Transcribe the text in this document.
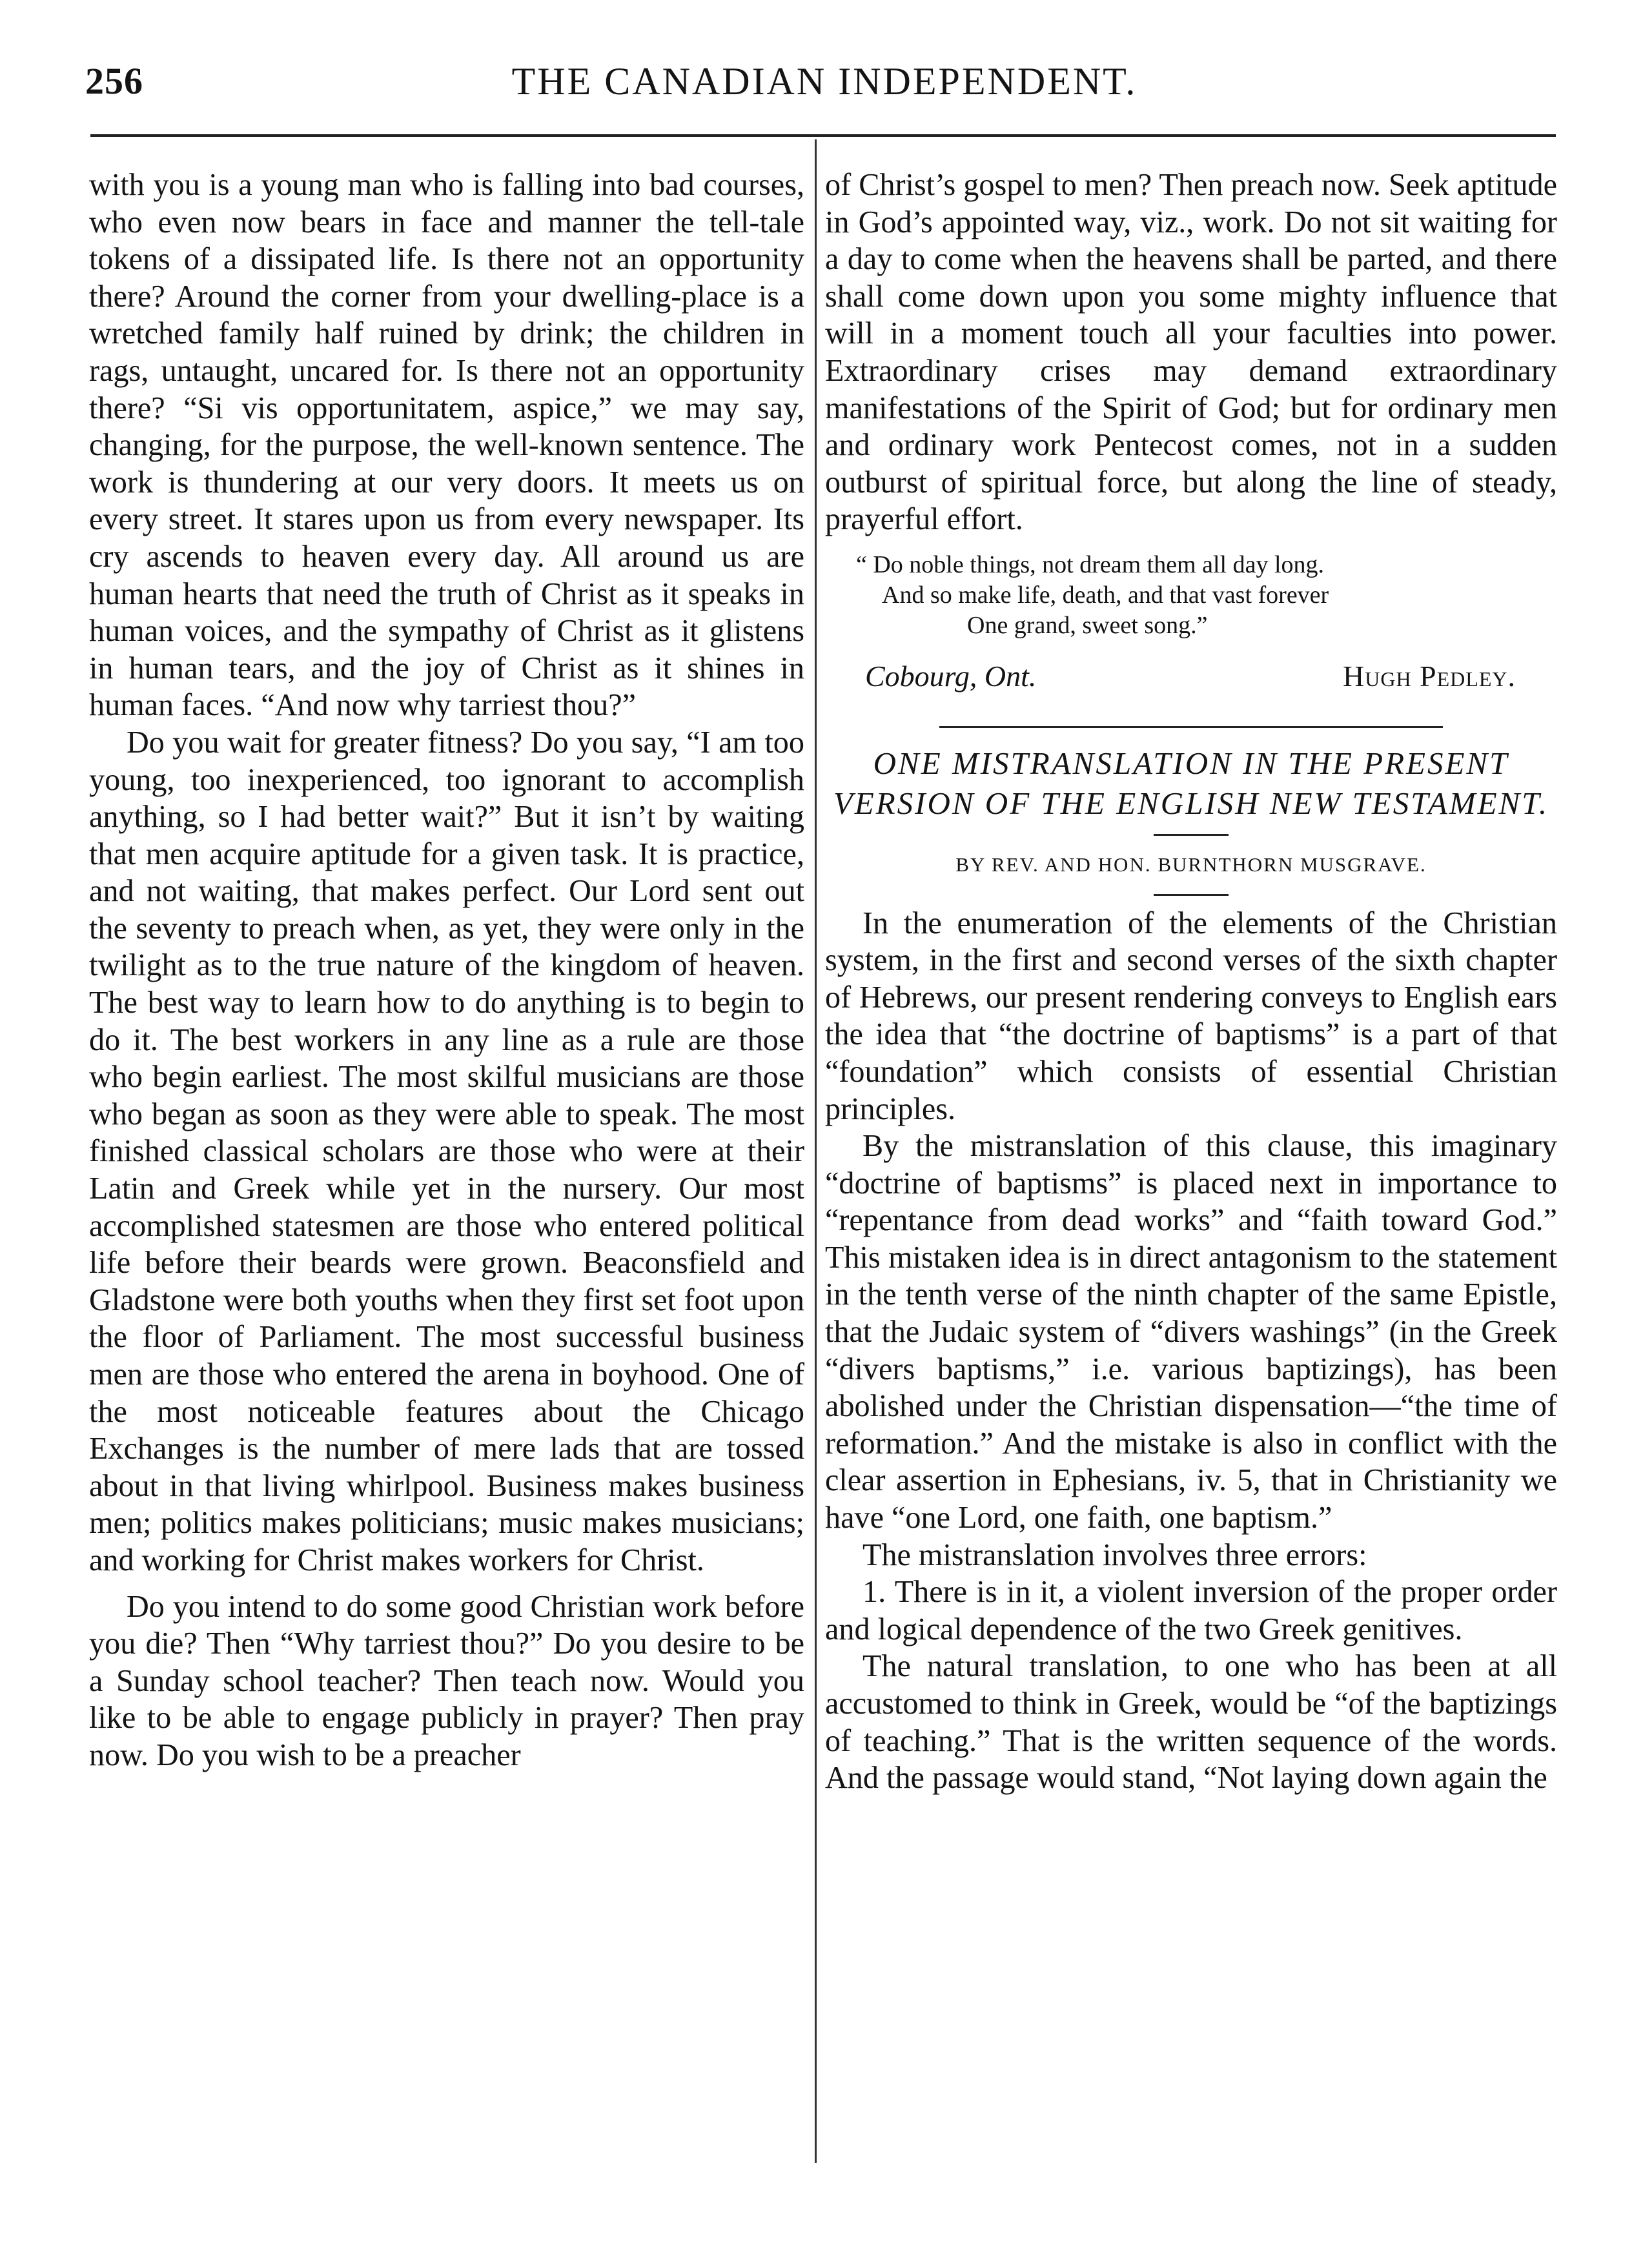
256	THE CANADIAN INDEPENDENT.

with you is a young man who is falling into bad courses, who even now bears in face and manner the tell-tale tokens of a dissipated life. Is there not an opportunity there? Around the corner from your dwelling-place is a wretched family half ruined by drink; the children in rags, untaught, uncared for. Is there not an opportunity there? “Si vis opportunitatem, aspice,” we may say, changing, for the purpose, the well-known sentence. The work is thundering at our very doors. It meets us on every street. It stares upon us from every newspaper. Its cry ascends to heaven every day. All around us are human hearts that need the truth of Christ as it speaks in human voices, and the sympathy of Christ as it glistens in human tears, and the joy of Christ as it shines in human faces. “And now why tarriest thou?”

Do you wait for greater fitness? Do you say, “I am too young, too inexperienced, too ignorant to accomplish anything, so I had better wait?” But it isn’t by waiting that men acquire aptitude for a given task. It is practice, and not waiting, that makes perfect. Our Lord sent out the seventy to preach when, as yet, they were only in the twilight as to the true nature of the kingdom of heaven. The best way to learn how to do anything is to begin to do it. The best workers in any line as a rule are those who begin earliest. The most skilful musicians are those who began as soon as they were able to speak. The most finished classical scholars are those who were at their Latin and Greek while yet in the nursery. Our most accomplished statesmen are those who entered political life before their beards were grown. Beaconsfield and Gladstone were both youths when they first set foot upon the floor of Parliament. The most successful business men are those who entered the arena in boyhood. One of the most noticeable features about the Chicago Exchanges is the number of mere lads that are tossed about in that living whirlpool. Business makes business men; politics makes politicians; music makes musicians; and working for Christ makes workers for Christ.

Do you intend to do some good Christian work before you die? Then “Why tarriest thou?” Do you desire to be a Sunday school teacher? Then teach now. Would you like to be able to engage publicly in prayer? Then pray now. Do you wish to be a preacher

of Christ’s gospel to men? Then preach now. Seek aptitude in God’s appointed way, viz., work. Do not sit waiting for a day to come when the heavens shall be parted, and there shall come down upon you some mighty influence that will in a moment touch all your faculties into power. Extraordinary crises may demand extraordinary manifestations of the Spirit of God; but for ordinary men and ordinary work Pentecost comes, not in a sudden outburst of spiritual force, but along the line of steady, prayerful effort.

“ Do noble things, not dream them all day long.
And so make life, death, and that vast forever
One grand, sweet song.”
Cobourg, Ont.	Hugh Pedley.
ONE MISTRANSLATION IN THE PRESENT VERSION OF THE ENGLISH NEW TESTAMENT.
BY REV. AND HON. BURNTHORN MUSGRAVE.

In the enumeration of the elements of the Christian system, in the first and second verses of the sixth chapter of Hebrews, our present rendering conveys to English ears the idea that “the doctrine of baptisms” is a part of that “foundation” which consists of essential Christian principles.

By the mistranslation of this clause, this imaginary “doctrine of baptisms” is placed next in importance to “repentance from dead works” and “faith toward God.” This mistaken idea is in direct antagonism to the statement in the tenth verse of the ninth chapter of the same Epistle, that the Judaic system of “divers washings” (in the Greek “divers baptisms,” i.e. various baptizings), has been abolished under the Christian dispensation—“the time of reformation.” And the mistake is also in conflict with the clear assertion in Ephesians, iv. 5, that in Christianity we have “one Lord, one faith, one baptism.”

The mistranslation involves three errors:

1. There is in it, a violent inversion of the proper order and logical dependence of the two Greek genitives.

The natural translation, to one who has been at all accustomed to think in Greek, would be “of the baptizings of teaching.” That is the written sequence of the words. And the passage would stand, “Not laying down again the
